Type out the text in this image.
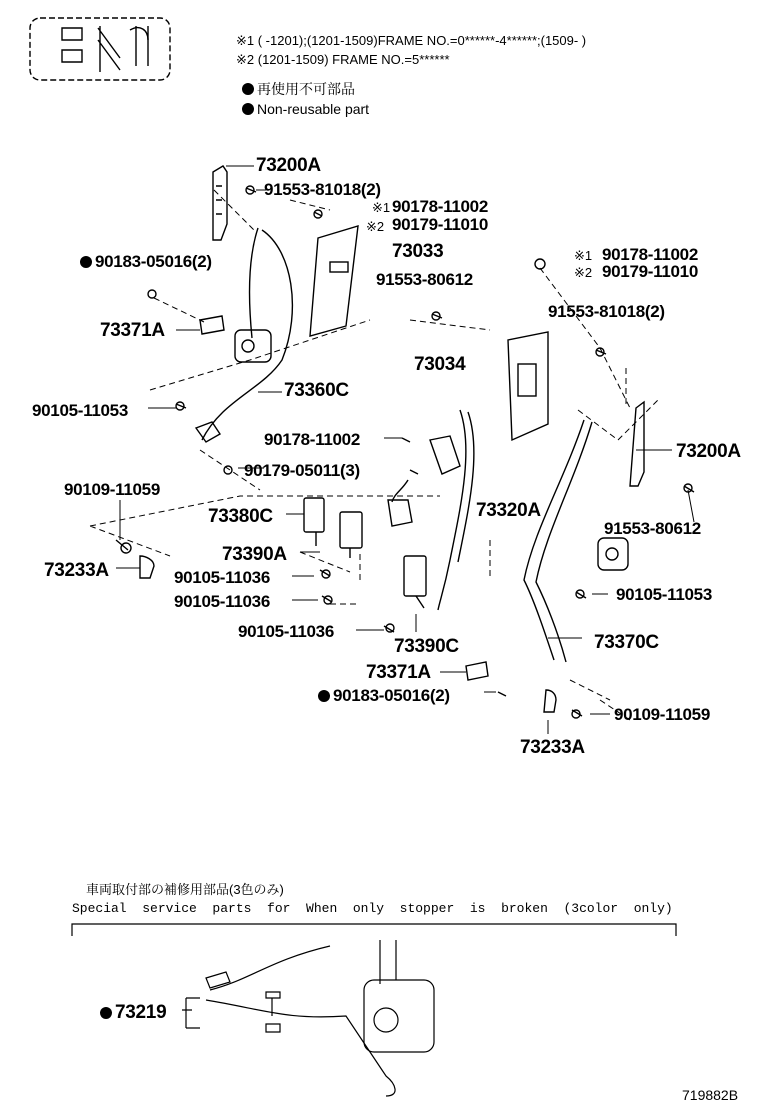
※1 ( -1201);(1201-1509)FRAME NO.=0******-4******;(1509- )
※2 (1201-1509) FRAME NO.=5******
再使用不可部品
Non-reusable part
73200A
91553-81018(2)
※1 90178-11002
※2 90179-11010
73033
90183-05016(2)
91553-80612
※1 90178-11002
※2 90179-11010
91553-81018(2)
73371A
73034
73360C
90105-11053
90178-11002
73200A
90179-05011(3)
90109-11059
73320A
73380C
91553-80612
73390A
73233A	90105-11036
90105-11053
90105-11036
90105-11036
73370C
73390C
73371A
90183-05016(2)
90109-11059
73233A
車両取付部の補修用部品(3色のみ)
Special  service  parts  for  When  only  stopper  is  broken  (3color  only)
73219
719882B
